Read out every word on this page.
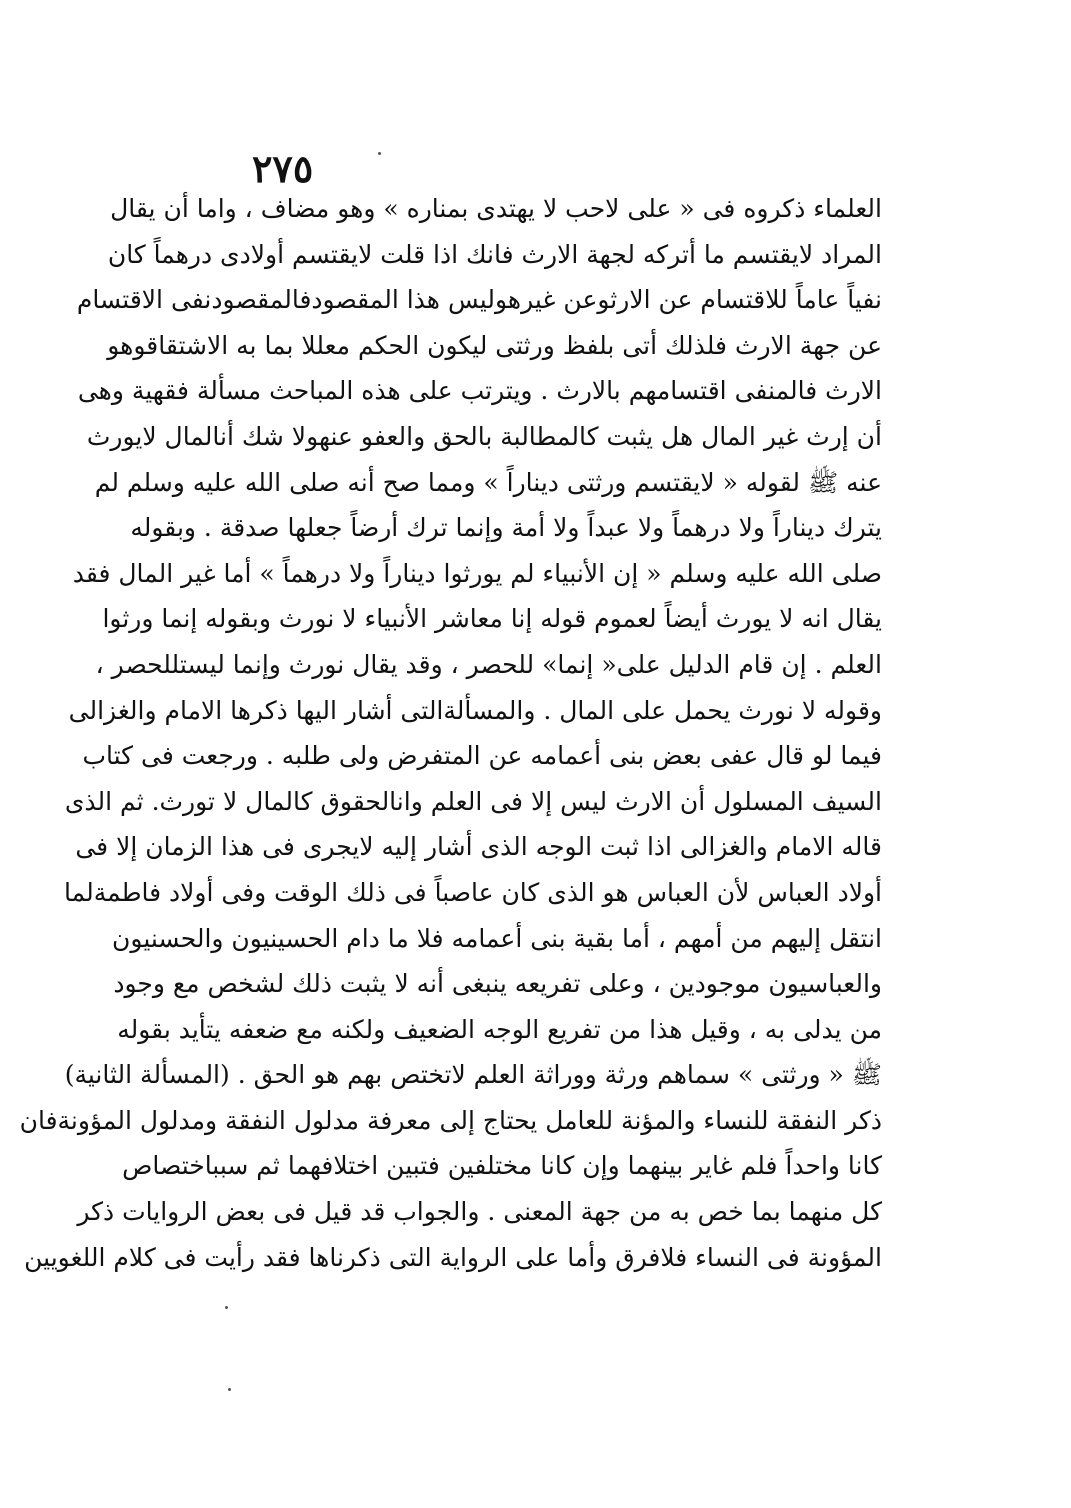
٢٧٥
العلماء ذكروه فى « على لاحب لا يهتدى بمناره » وهو مضاف ، واما أن يقال
المراد لايقتسم ما أتركه لجهة الارث فانك اذا قلت لايقتسم أولادى درهماً كان
نفياً عاماً للاقتسام عن الارثوعن غيرهوليس هذا المقصودفالمقصودنفى الاقتسام
عن جهة الارث فلذلك أتى بلفظ ورثتى ليكون الحكم معللا بما به الاشتقاقوهو
الارث فالمنفى اقتسامهم بالارث . ويترتب على هذه المباحث مسألة فقهية وهى
أن إرث غير المال هل يثبت كالمطالبة بالحق والعفو عنهولا شك أنالمال لايورث
عنه ﷺ لقوله « لايقتسم ورثتى ديناراً » ومما صح أنه صلى الله عليه وسلم لم
يترك ديناراً ولا درهماً ولا عبداً ولا أمة وإنما ترك أرضاً جعلها صدقة . وبقوله
صلى الله عليه وسلم « إن الأنبياء لم يورثوا ديناراً ولا درهماً » أما غير المال فقد
يقال انه لا يورث أيضاً لعموم قوله إنا معاشر الأنبياء لا نورث وبقوله إنما ورثوا
العلم . إن قام الدليل على« إنما» للحصر ، وقد يقال نورث وإنما ليستللحصر ،
وقوله لا نورث يحمل على المال . والمسألةالتى أشار اليها ذكرها الامام والغزالى
فيما لو قال عفى بعض بنى أعمامه عن المتفرض ولى طلبه . ورجعت فى كتاب
السيف المسلول أن الارث ليس إلا فى العلم وانالحقوق كالمال لا تورث. ثم الذى
قاله الامام والغزالى اذا ثبت الوجه الذى أشار إليه لايجرى فى هذا الزمان إلا فى
أولاد العباس لأن العباس هو الذى كان عاصباً فى ذلك الوقت وفى أولاد فاطمةلما
انتقل إليهم من أمهم ، أما بقية بنى أعمامه فلا ما دام الحسينيون والحسنيون
والعباسيون موجودين ، وعلى تفريعه ينبغى أنه لا يثبت ذلك لشخص مع وجود
من يدلى به ، وقيل هذا من تفريع الوجه الضعيف ولكنه مع ضعفه يتأيد بقوله
ﷺ « ورثتى » سماهم ورثة ووراثة العلم لاتختص بهم هو الحق . (المسألة الثانية)
ذكر النفقة للنساء والمؤنة للعامل يحتاج إلى معرفة مدلول النفقة ومدلول المؤونةفان
كانا واحداً فلم غاير بينهما وإن كانا مختلفين فتبين اختلافهما ثم سبباختصاص
كل منهما بما خص به من جهة المعنى . والجواب قد قيل فى بعض الروايات ذكر
المؤونة فى النساء فلافرق وأما على الرواية التى ذكرناها فقد رأيت فى كلام اللغويين
